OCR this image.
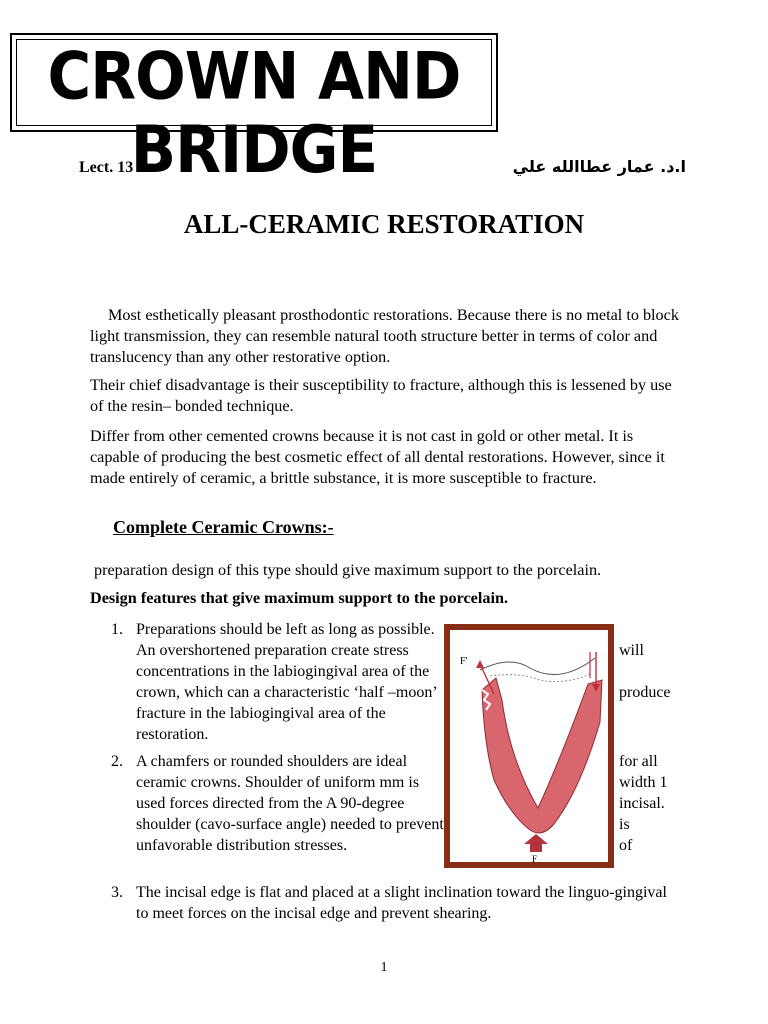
CROWN AND BRIDGE
Lect. 13	ا.د. عمار عطاالله علي
ALL-CERAMIC RESTORATION
Most esthetically pleasant prosthodontic restorations. Because there is no metal to block light transmission, they can resemble natural tooth structure better in terms of color and translucency than any other restorative option.
Their chief disadvantage is their susceptibility to fracture, although this is lessened by use of the resin– bonded technique.
Differ from other cemented crowns because it is not cast in gold or other metal. It is capable of producing the best cosmetic effect of all dental restorations. However, since it made entirely of ceramic, a brittle substance, it is more susceptible to fracture.
Complete Ceramic Crowns:-
preparation design of this type should give maximum support to the porcelain.
Design features that give maximum support to the porcelain.
1. Preparations should be left as long as possible. An overshortened preparation create stress concentrations in the labiogingival area of the crown, which can a characteristic ‘half –moon’ fracture in the labiogingival area of the restoration.
will
produce
2. A chamfers or rounded shoulders are ideal ceramic crowns. Shoulder of uniform mm is used forces directed from the A 90-degree shoulder (cavo-surface angle) needed to prevent unfavorable distribution stresses.
for all
width 1
incisal.
is
of
3. The incisal edge is flat and placed at a slight inclination toward the linguo-gingival to meet forces on the incisal edge and prevent shearing.
F'
F
1
